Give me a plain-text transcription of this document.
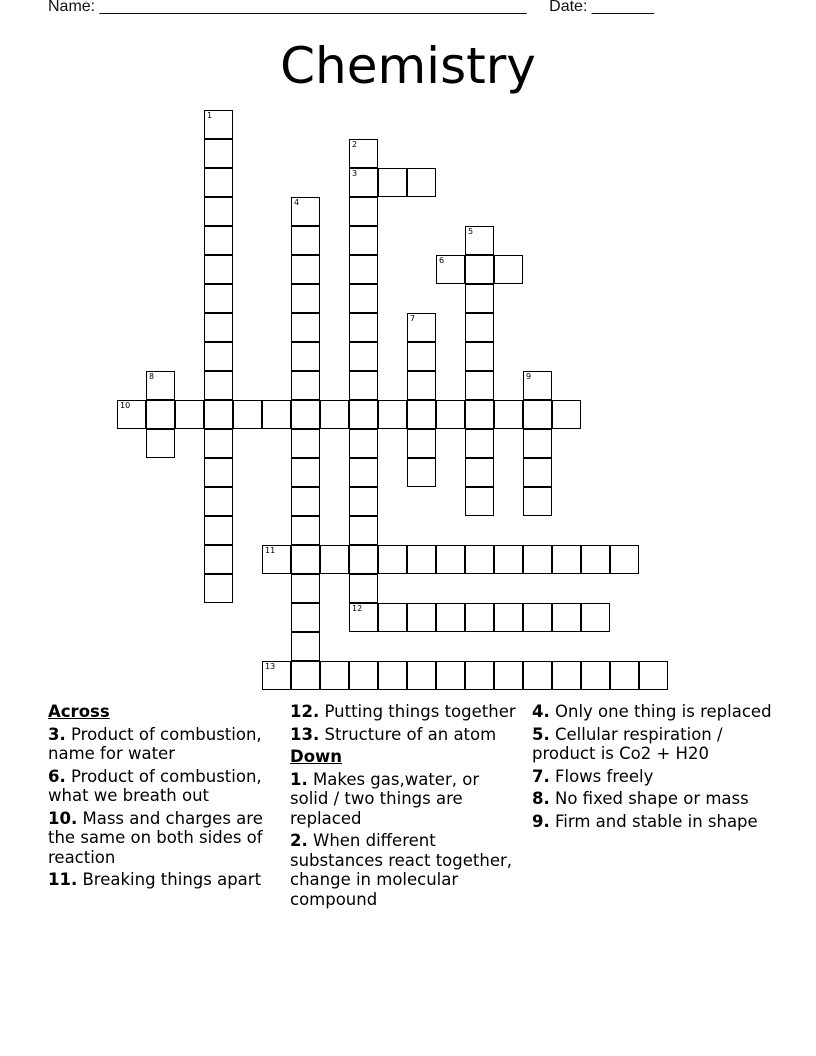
Name: ________________________________________________ Date: _______
Chemistry
1
2
3
12
4
5
6
7
8	9
10
11
13
Across
3. Product of combustion, name for water
6. Product of combustion, what we breath out
10. Mass and charges are the same on both sides of reaction
11. Breaking things apart
12. Putting things together
13. Structure of an atom
Down
1. Makes gas,water, or solid / two things are replaced
2. When different substances react together, change in molecular compound
4. Only one thing is replaced
5. Cellular respiration / product is Co2 + H20
7. Flows freely
8. No fixed shape or mass
9. Firm and stable in shape
